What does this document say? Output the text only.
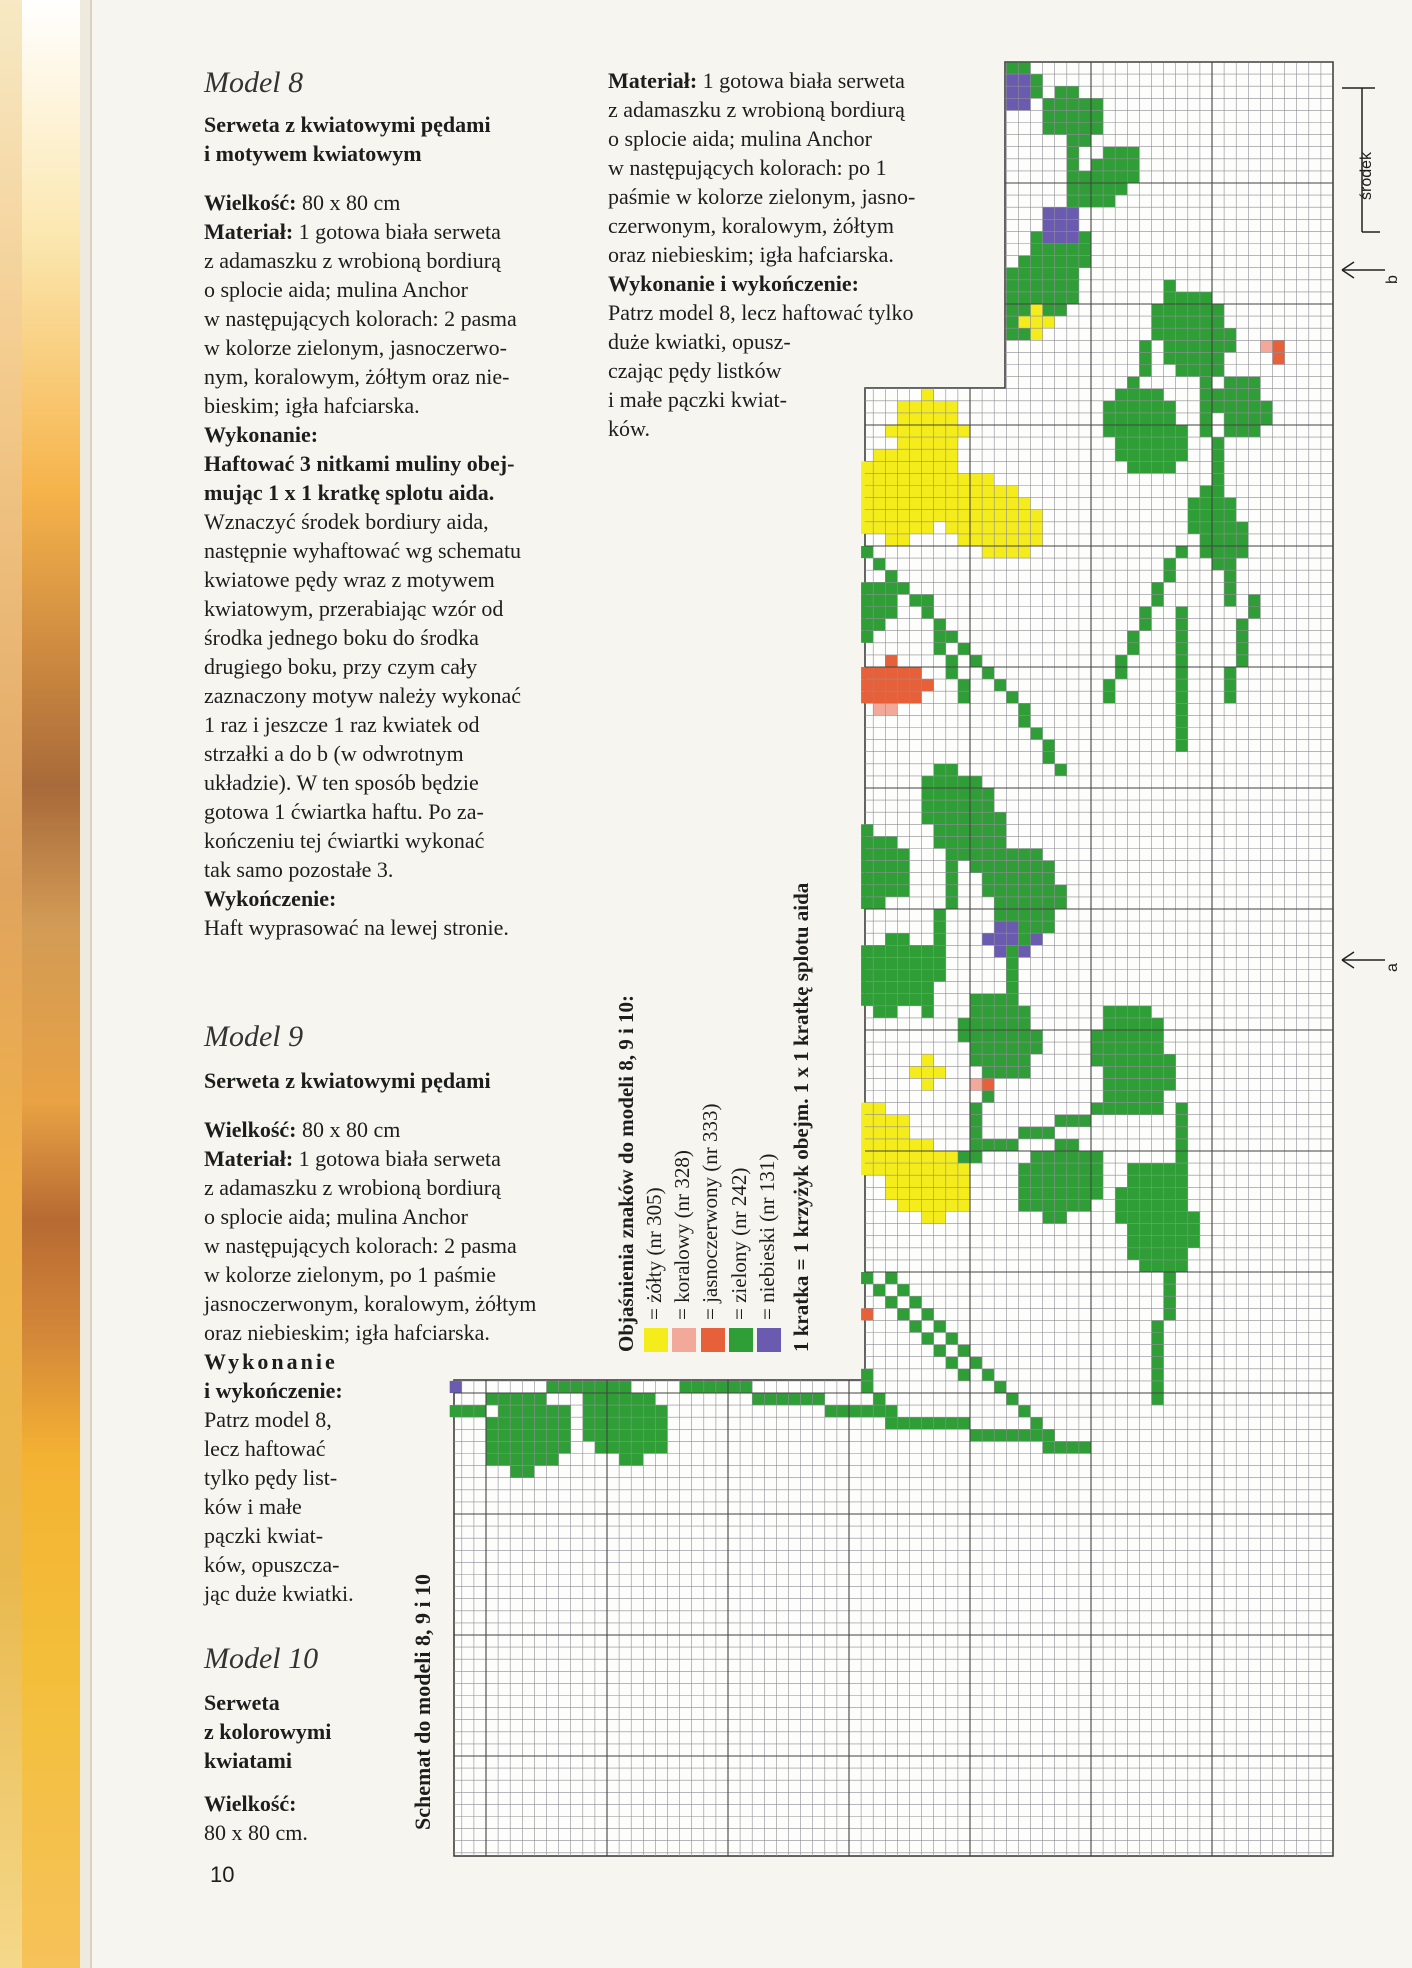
Model 8
Serweta z kwiatowymi pędami
i motywem kwiatowym
Wielkość: 80 x 80 cm
Materiał: 1 gotowa biała serweta
z adamaszku z wrobioną bordiurą
o splocie aida; mulina Anchor
w następujących kolorach: 2 pasma
w kolorze zielonym, jasnoczerwo-
nym, koralowym, żółtym oraz nie-
bieskim; igła hafciarska.
Wykonanie:
Haftować 3 nitkami muliny obej-
mując 1 x 1 kratkę splotu aida.
Wznaczyć środek bordiury aida,
następnie wyhaftować wg schematu
kwiatowe pędy wraz z motywem
kwiatowym, przerabiając wzór od
środka jednego boku do środka
drugiego boku, przy czym cały
zaznaczony motyw należy wykonać
1 raz i jeszcze 1 raz kwiatek od
strzałki a do b (w odwrotnym
układzie). W ten sposób będzie
gotowa 1 ćwiartka haftu. Po za-
kończeniu tej ćwiartki wykonać
tak samo pozostałe 3.
Wykończenie:
Haft wyprasować na lewej stronie.
Model 9
Serweta z kwiatowymi pędami
Wielkość: 80 x 80 cm
Materiał: 1 gotowa biała serweta
z adamaszku z wrobioną bordiurą
o splocie aida; mulina Anchor
w następujących kolorach: 2 pasma
w kolorze zielonym, po 1 paśmie
jasnoczerwonym, koralowym, żółtym
oraz niebieskim; igła hafciarska.
Wykonanie
i wykończenie:
Patrz model 8,
lecz haftować
tylko pędy list-
ków i małe
pączki kwiat-
ków, opuszcza-
jąc duże kwiatki.
Model 10
Serweta
z kolorowymi
kwiatami
Wielkość:
80 x 80 cm.
10
Materiał: 1 gotowa biała serweta
z adamaszku z wrobioną bordiurą
o splocie aida; mulina Anchor
w następujących kolorach: po 1
paśmie w kolorze zielonym, jasno-
czerwonym, koralowym, żółtym
oraz niebieskim; igła hafciarska.
Wykonanie i wykończenie:
Patrz model 8, lecz haftować tylko
duże kwiatki, opusz-
czając pędy listków
i małe pączki kwiat-
ków.
środek
b
a
Objaśnienia znaków do modeli 8, 9 i 10: = żółty (nr 305) = koralowy (nr 328) = jasnoczerwony (nr 333) = zielony (nr 242) = niebieski (nr 131) 1 kratka = 1 krzyżyk obejm. 1 x 1 kratkę splotu aida
Schemat do modeli 8, 9 i 10
